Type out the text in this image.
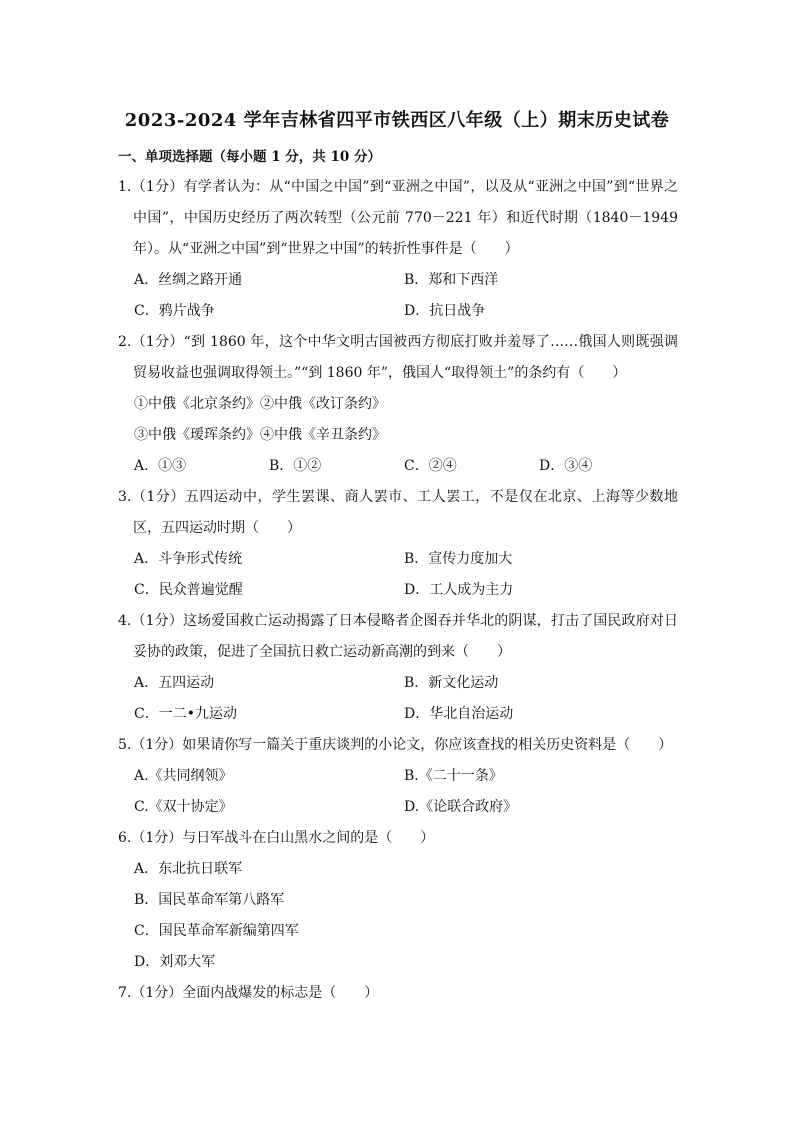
2023-2024 学年吉林省四平市铁西区八年级（上）期末历史试卷
一、单项选择题（每小题 1 分，共 10 分）
1.（1分）有学者认为：从“中国之中国”到“亚洲之中国”，以及从“亚洲之中国”到“世界之中国”，中国历史经历了两次转型（公元前 770－221 年）和近代时期（1840－1949 年）。从“亚洲之中国”到“世界之中国”的转折性事件是（　　）
A．丝绸之路开通	B．郑和下西洋
C．鸦片战争	D．抗日战争
2.（1分）“到 1860 年，这个中华文明古国被西方彻底打败并羞辱了……俄国人则既强调贸易收益也强调取得领土。”“到 1860 年”，俄国人“取得领土”的条约有（　　）
①中俄《北京条约》②中俄《改订条约》
③中俄《瑷珲条约》④中俄《辛丑条约》
A．①③	B．①②	C．②④	D．③④
3.（1分）五四运动中，学生罢课、商人罢市、工人罢工，不是仅在北京、上海等少数地区，五四运动时期（　　）
A．斗争形式传统	B．宣传力度加大
C．民众普遍觉醒	D．工人成为主力
4.（1分）这场爱国救亡运动揭露了日本侵略者企图吞并华北的阴谋，打击了国民政府对日妥协的政策，促进了全国抗日救亡运动新高潮的到来（　　）
A．五四运动	B．新文化运动
C．一二•九运动	D．华北自治运动
5.（1分）如果请你写一篇关于重庆谈判的小论文，你应该查找的相关历史资料是（　　）
A.《共同纲领》	B.《二十一条》
C.《双十协定》	D.《论联合政府》
6.（1分）与日军战斗在白山黑水之间的是（　　）
A．东北抗日联军
B．国民革命军第八路军
C．国民革命军新编第四军
D．刘邓大军
7.（1分）全面内战爆发的标志是（　　）
